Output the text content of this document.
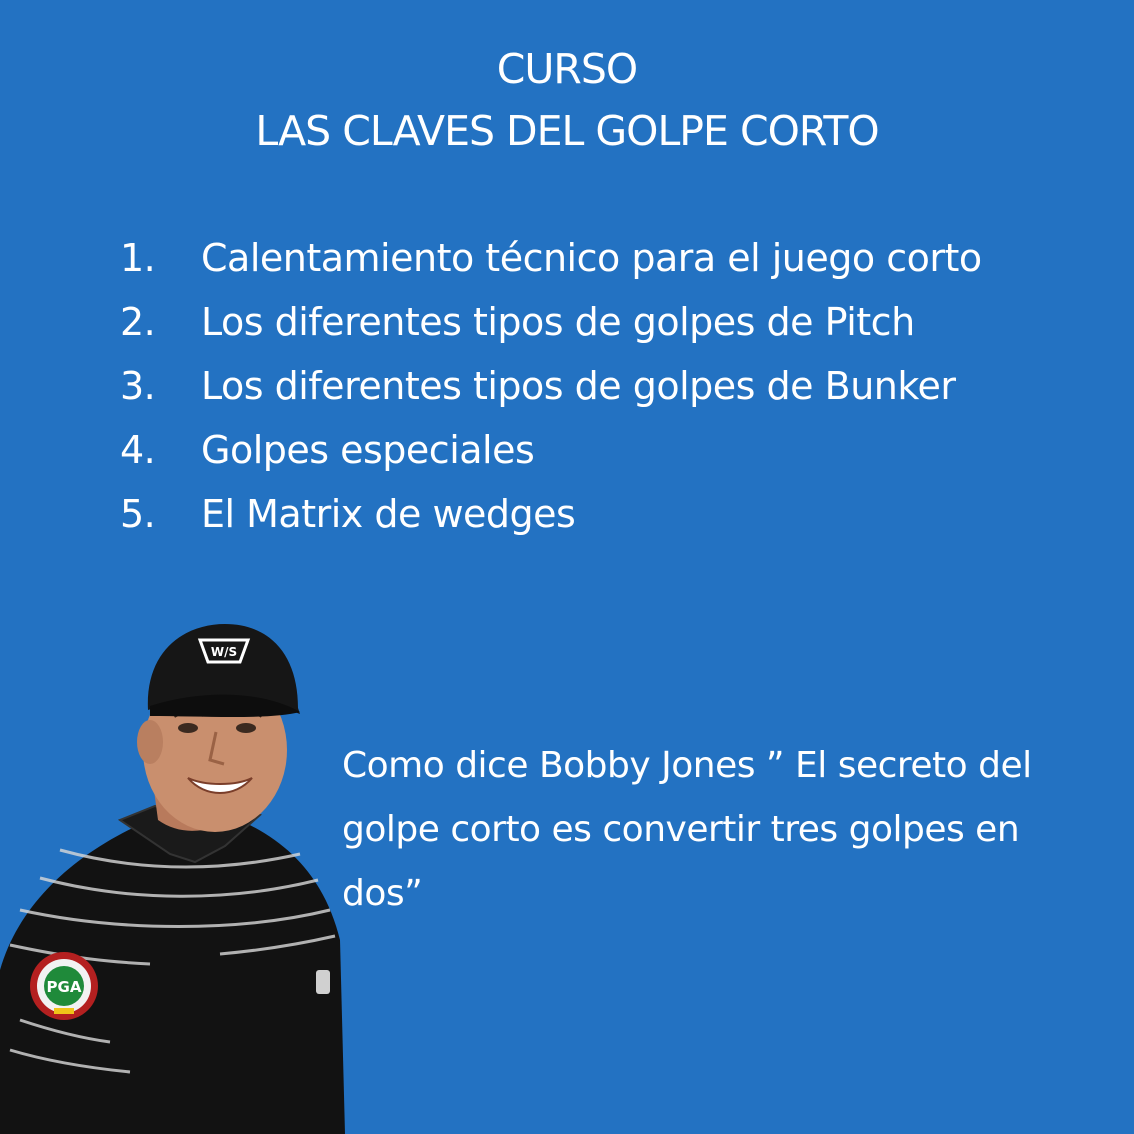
CURSO
LAS CLAVES DEL GOLPE CORTO
1.	Calentamiento técnico para el juego corto
2.	Los diferentes tipos de golpes de Pitch
3.	Los diferentes tipos de golpes de Bunker
4.	Golpes especiales
5.	El Matrix de wedges
W/S
PGA
Como dice Bobby Jones ” El secreto del
golpe corto es convertir tres golpes en
dos”
